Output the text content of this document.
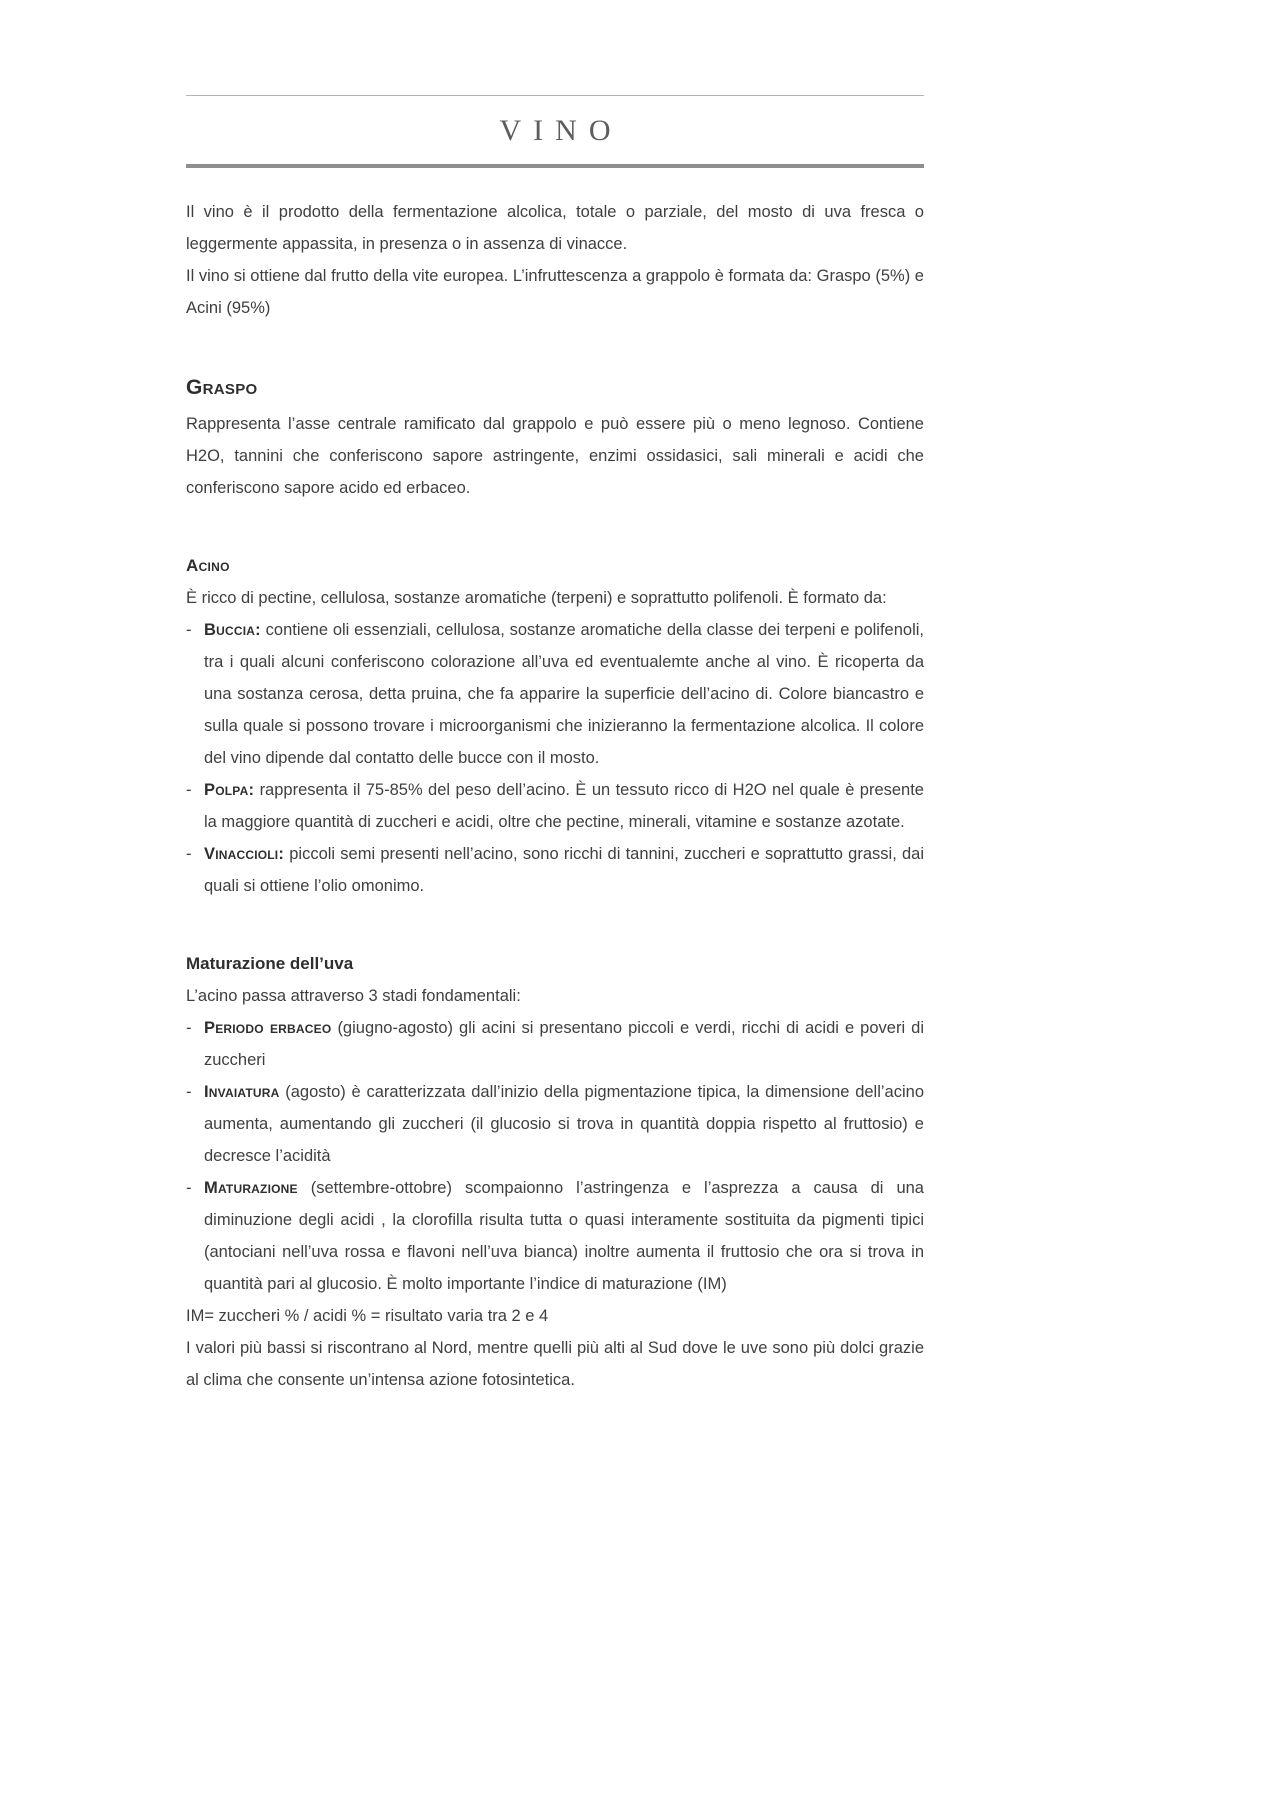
VINO

Il vino è il prodotto della fermentazione alcolica, totale o parziale, del mosto di uva fresca o leggermente appassita, in presenza o in assenza di vinacce.

Il vino si ottiene dal frutto della vite europea. L’infruttescenza a grappolo è formata da: Graspo (5%) e Acini (95%)

Graspo

Rappresenta l’asse centrale ramificato dal grappolo e può essere più o meno legnoso. Contiene H2O, tannini che conferiscono sapore astringente, enzimi ossidasici, sali minerali e acidi che conferiscono sapore acido ed erbaceo.

Acino

È ricco di pectine, cellulosa, sostanze aromatiche (terpeni) e soprattutto polifenoli. È formato da:

- Buccia: contiene oli essenziali, cellulosa, sostanze aromatiche della classe dei terpeni e polifenoli, tra i quali alcuni conferiscono colorazione all’uva ed eventualemte anche al vino. È ricoperta da una sostanza cerosa, detta pruina, che fa apparire la superficie dell’acino di. Colore biancastro e sulla quale si possono trovare i microorganismi che inizieranno la fermentazione alcolica. Il colore del vino dipende dal contatto delle bucce con il mosto.
- Polpa: rappresenta il 75-85% del peso dell’acino. È un tessuto ricco di H2O nel quale è presente la maggiore quantità di zuccheri e acidi, oltre che pectine, minerali, vitamine e sostanze azotate.
- Vinaccioli: piccoli semi presenti nell’acino, sono ricchi di tannini, zuccheri e soprattutto grassi, dai quali si ottiene l’olio omonimo.
Maturazione dell’uva

L’acino passa attraverso 3 stadi fondamentali:

- Periodo erbaceo (giugno-agosto) gli acini si presentano piccoli e verdi, ricchi di acidi e poveri di zuccheri
- Invaiatura (agosto) è caratterizzata dall’inizio della pigmentazione tipica, la dimensione dell’acino aumenta, aumentando gli zuccheri (il glucosio si trova in quantità doppia rispetto al fruttosio) e decresce l’acidità
- Maturazione (settembre-ottobre) scompaionno l’astringenza e l’asprezza a causa di una diminuzione degli acidi , la clorofilla risulta tutta o quasi interamente sostituita da pigmenti tipici (antociani nell’uva rossa e flavoni nell’uva bianca) inoltre aumenta il fruttosio che ora si trova in quantità pari al glucosio. È molto importante l’indice di maturazione (IM)

IM= zuccheri % / acidi % = risultato varia tra 2 e 4

I valori più bassi si riscontrano al Nord, mentre quelli più alti al Sud dove le uve sono più dolci grazie al clima che consente un’intensa azione fotosintetica.
